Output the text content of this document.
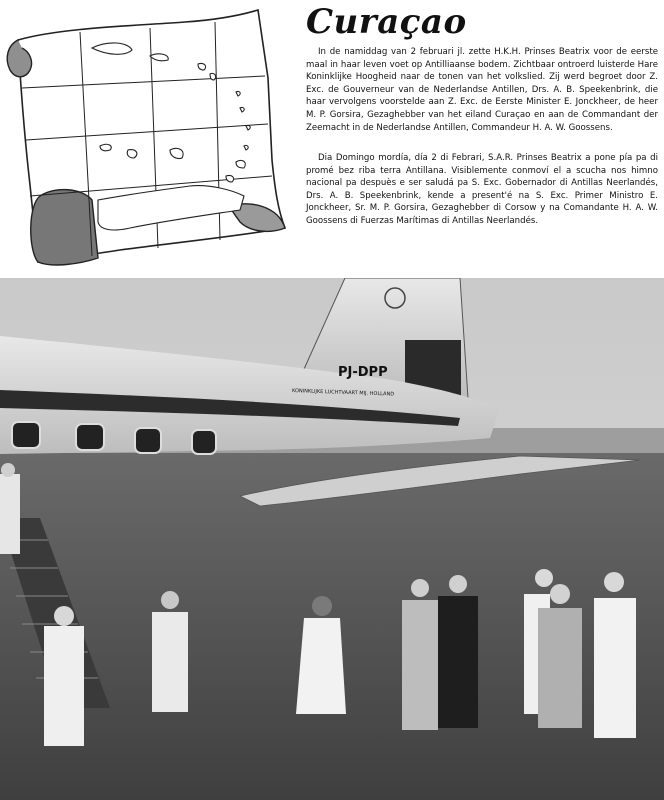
Curaçao

In de namiddag van 2 februari jl. zette H.K.H. Prinses Beatrix voor de eerste maal in haar leven voet op Antilliaanse bodem. Zichtbaar ontroerd luisterde Hare Koninklijke Hoogheid naar de tonen van het volkslied. Zij werd begroet door Z. Exc. de Gouverneur van de Nederlandse Antillen, Drs. A. B. Speekenbrink, die haar vervolgens voorstelde aan Z. Exc. de Eerste Minister E. Jonckheer, de heer M. P. Gorsira, Gezaghebber van het eiland Curaçao en aan de Commandant der Zeemacht in de Nederlandse Antillen, Commandeur H. A. W. Goossens.

Dia Domingo mordía, día 2 di Febrari, S.A.R. Prinses Beatrix a pone pía pa di promé bez riba terra Antillana. Visiblemente conmoví el a scucha nos himno nacional pa despuès e ser saludá pa S. Exc. Gobernador di Antillas Neerlandés, Drs. A. B. Speekenbrink, kende a present'é na S. Exc. Primer Ministro E. Jonckheer, Sr. M. P. Gorsira, Gezaghebber di Corsow y na Comandante H. A. W. Goossens di Fuerzas Marítimas di Antillas Neerlandés.

PJ-DPP
KONINKLIJKE LUCHTVAART MIJ. HOLLAND
